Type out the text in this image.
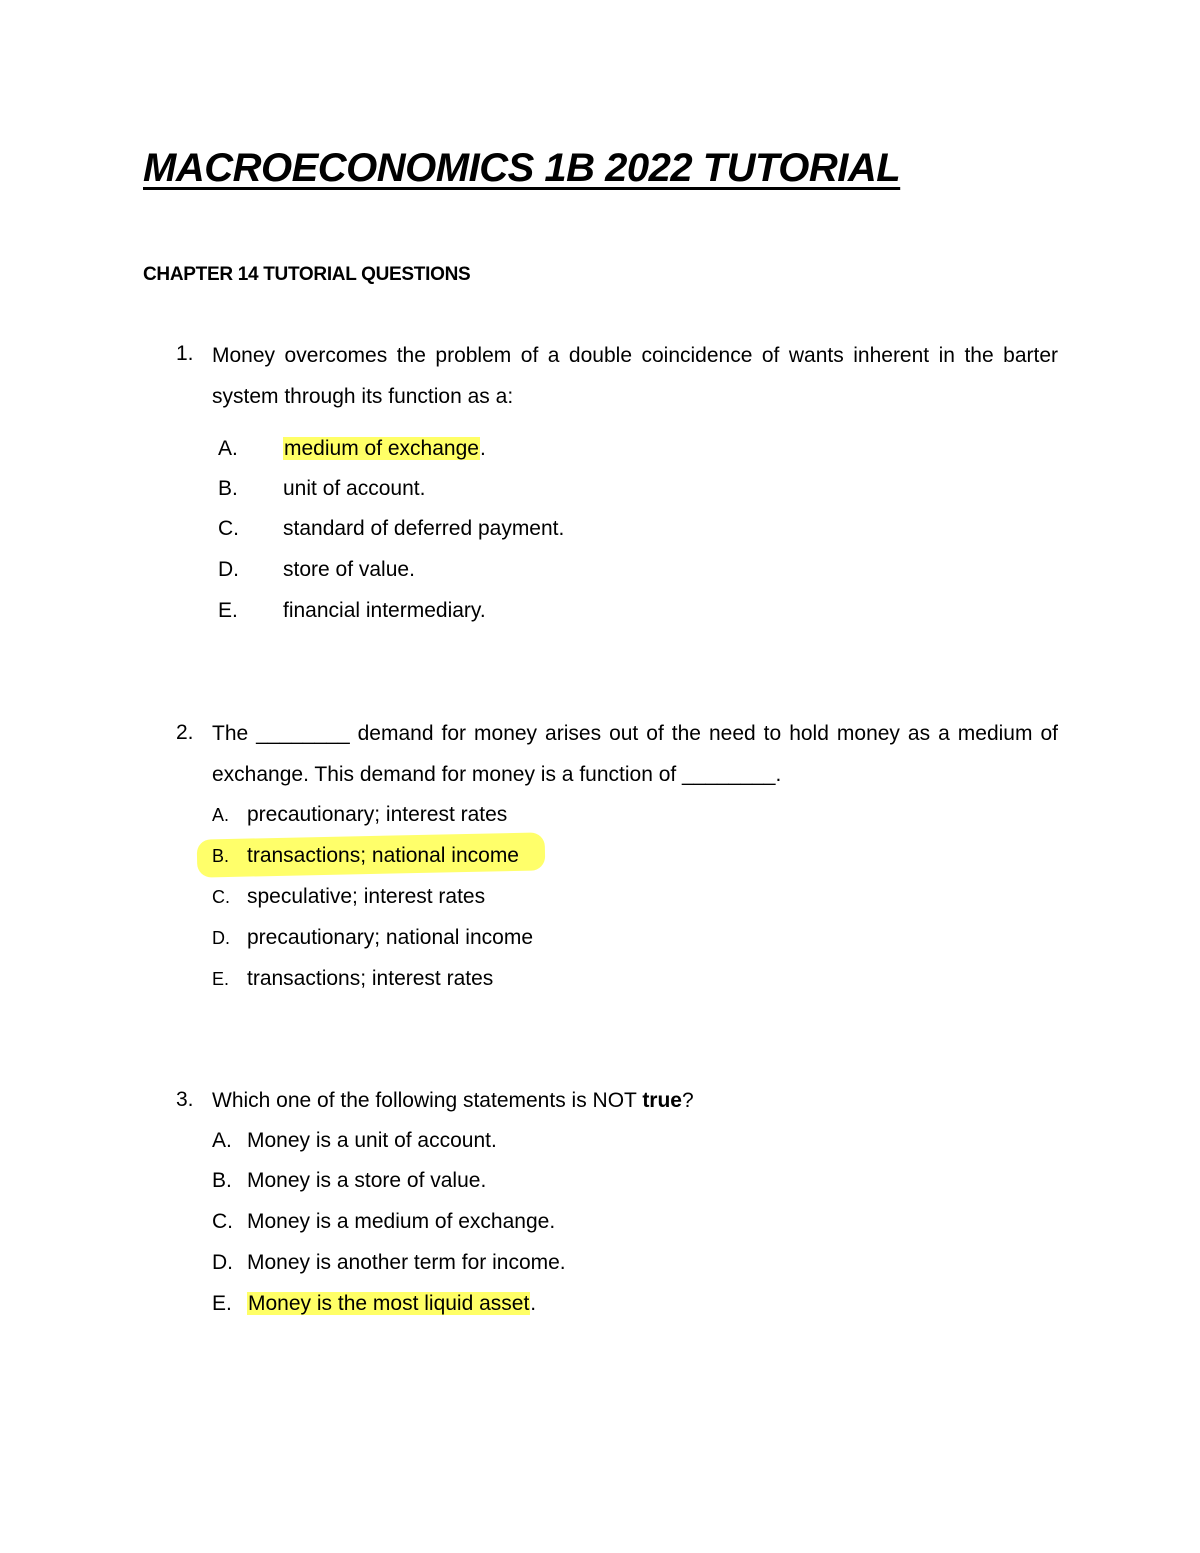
MACROECONOMICS 1B 2022 TUTORIAL
CHAPTER 14 TUTORIAL QUESTIONS
1. Money overcomes the problem of a double coincidence of wants inherent in the barter system through its function as a:
A. medium of exchange.
B. unit of account.
C. standard of deferred payment.
D. store of value.
E. financial intermediary.
2. The ________ demand for money arises out of the need to hold money as a medium of exchange. This demand for money is a function of ________.
A. precautionary; interest rates
B. transactions; national income
C. speculative; interest rates
D. precautionary; national income
E. transactions; interest rates
3. Which one of the following statements is NOT true?
A. Money is a unit of account.
B. Money is a store of value.
C. Money is a medium of exchange.
D. Money is another term for income.
E. Money is the most liquid asset.
